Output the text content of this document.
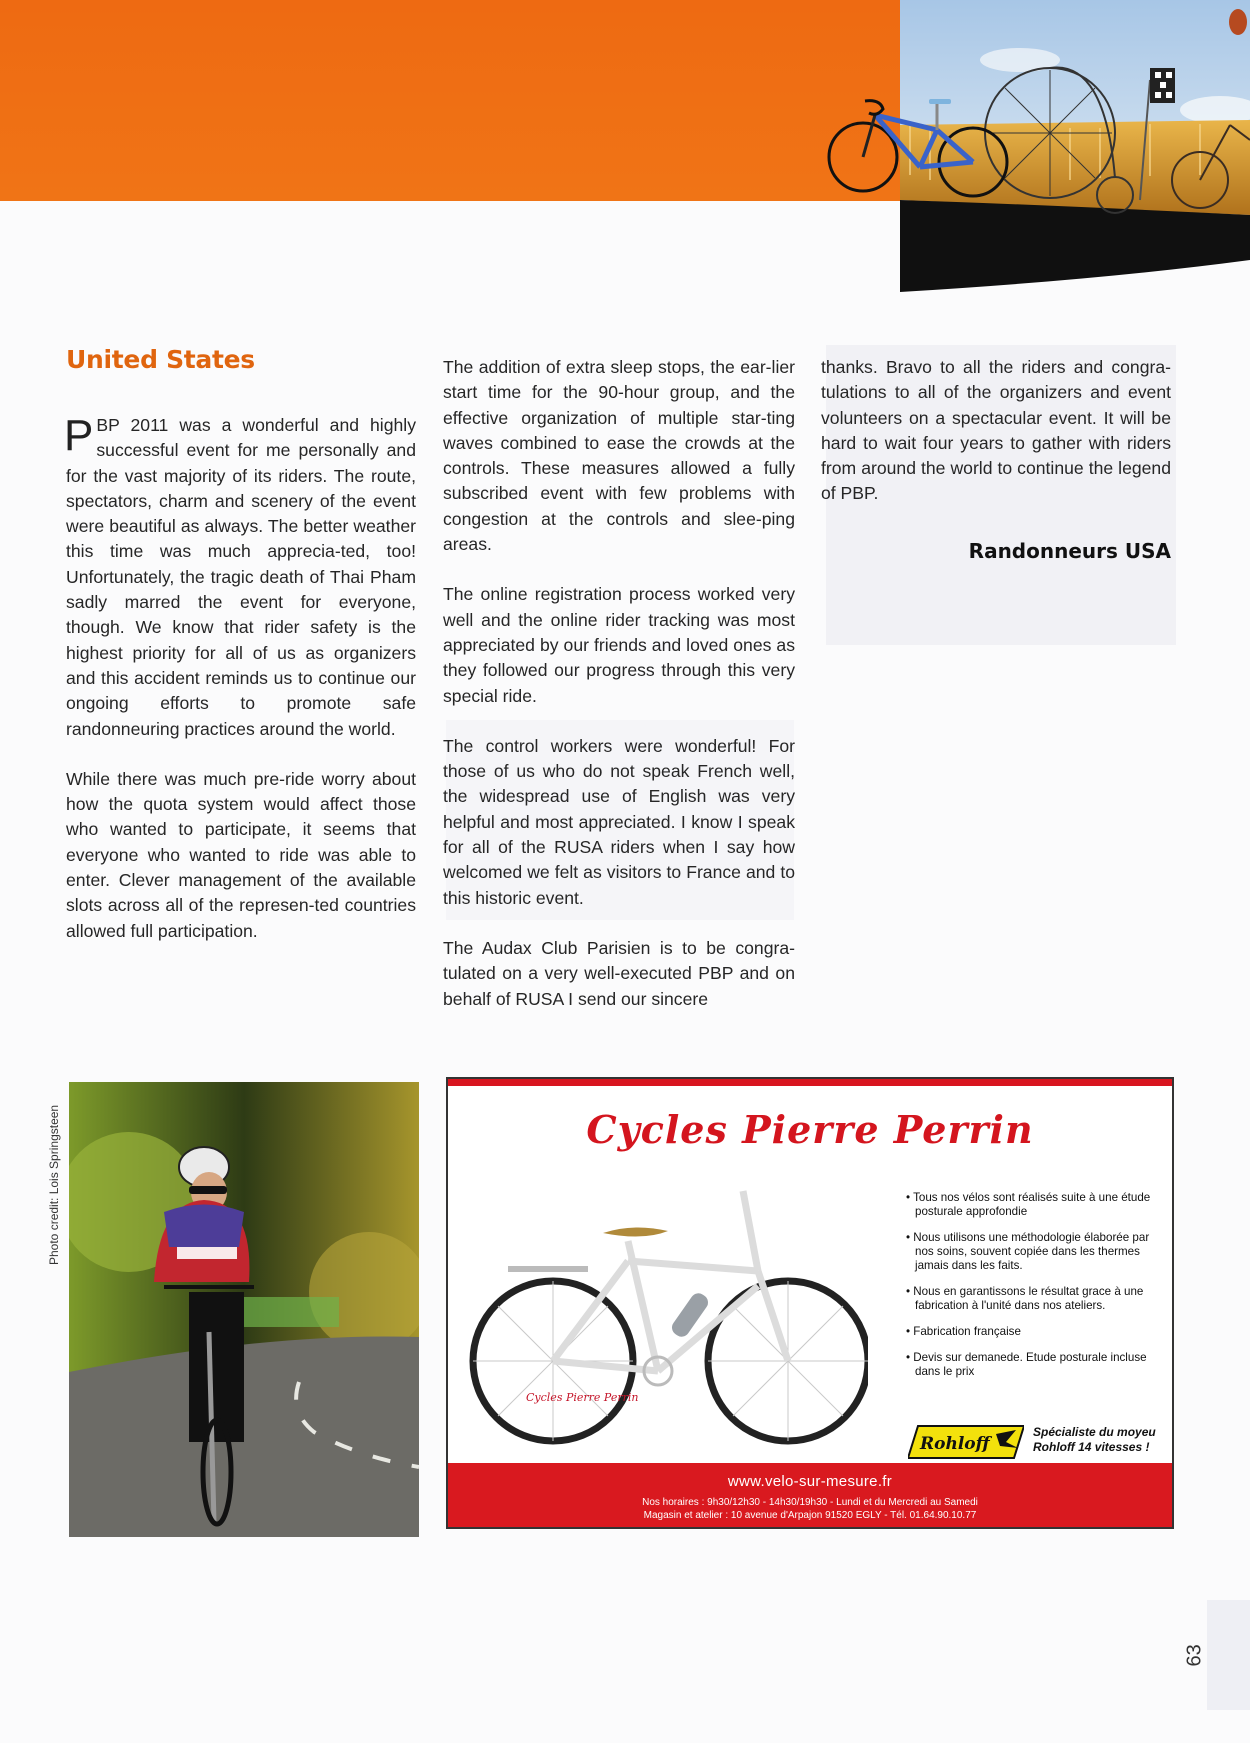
United States

PBP 2011 was a wonderful and highly successful event for me personally and for the vast majority of its riders. The route, spectators, charm and scenery of the event were beautiful as always. The better weather this time was much apprecia-ted, too! Unfortunately, the tragic death of Thai Pham sadly marred the event for everyone, though. We know that rider safety is the highest priority for all of us as organizers and this accident reminds us to continue our ongoing efforts to promote safe randonneuring practices around the world.

While there was much pre-ride worry about how the quota system would affect those who wanted to participate, it seems that everyone who wanted to ride was able to enter. Clever management of the available slots across all of the represen-ted countries allowed full participation.

The addition of extra sleep stops, the ear-lier start time for the 90-hour group, and the effective organization of multiple star-ting waves combined to ease the crowds at the controls. These measures allowed a fully subscribed event with few problems with congestion at the controls and slee-ping areas.

The online registration process worked very well and the online rider tracking was most appreciated by our friends and loved ones as they followed our progress through this very special ride.

The control workers were wonderful! For those of us who do not speak French well, the widespread use of English was very helpful and most appreciated. I know I speak for all of the RUSA riders when I say how welcomed we felt as visitors to France and to this historic event.

The Audax Club Parisien is to be congra-tulated on a very well-executed PBP and on behalf of RUSA I send our sincere

thanks. Bravo to all the riders and congra-tulations to all of the organizers and event volunteers on a spectacular event. It will be hard to wait four years to gather with riders from around the world to continue the legend of PBP.

Randonneurs USA
Photo credit: Lois Springsteen	Cycles Pierre Perrin
Cycles Pierre Perrin
• Tous nos vélos sont réalisés suite à une étude posturale approfondie
• Nous utilisons une méthodologie élaborée par nos soins, souvent copiée dans les thermes jamais dans les faits.
• Nous en garantissons le résultat grace à une fabrication à l'unité dans nos ateliers.
• Fabrication française
• Devis sur demanede. Etude posturale incluse dans le prix
Rohloff
Spécialiste du moyeu
Rohloff 14 vitesses !
www.velo-sur-mesure.fr
Nos horaires : 9h30/12h30 - 14h30/19h30 - Lundi et du Mercredi au Samedi
Magasin et atelier : 10 avenue d'Arpajon 91520 EGLY - Tél. 01.64.90.10.77
63
